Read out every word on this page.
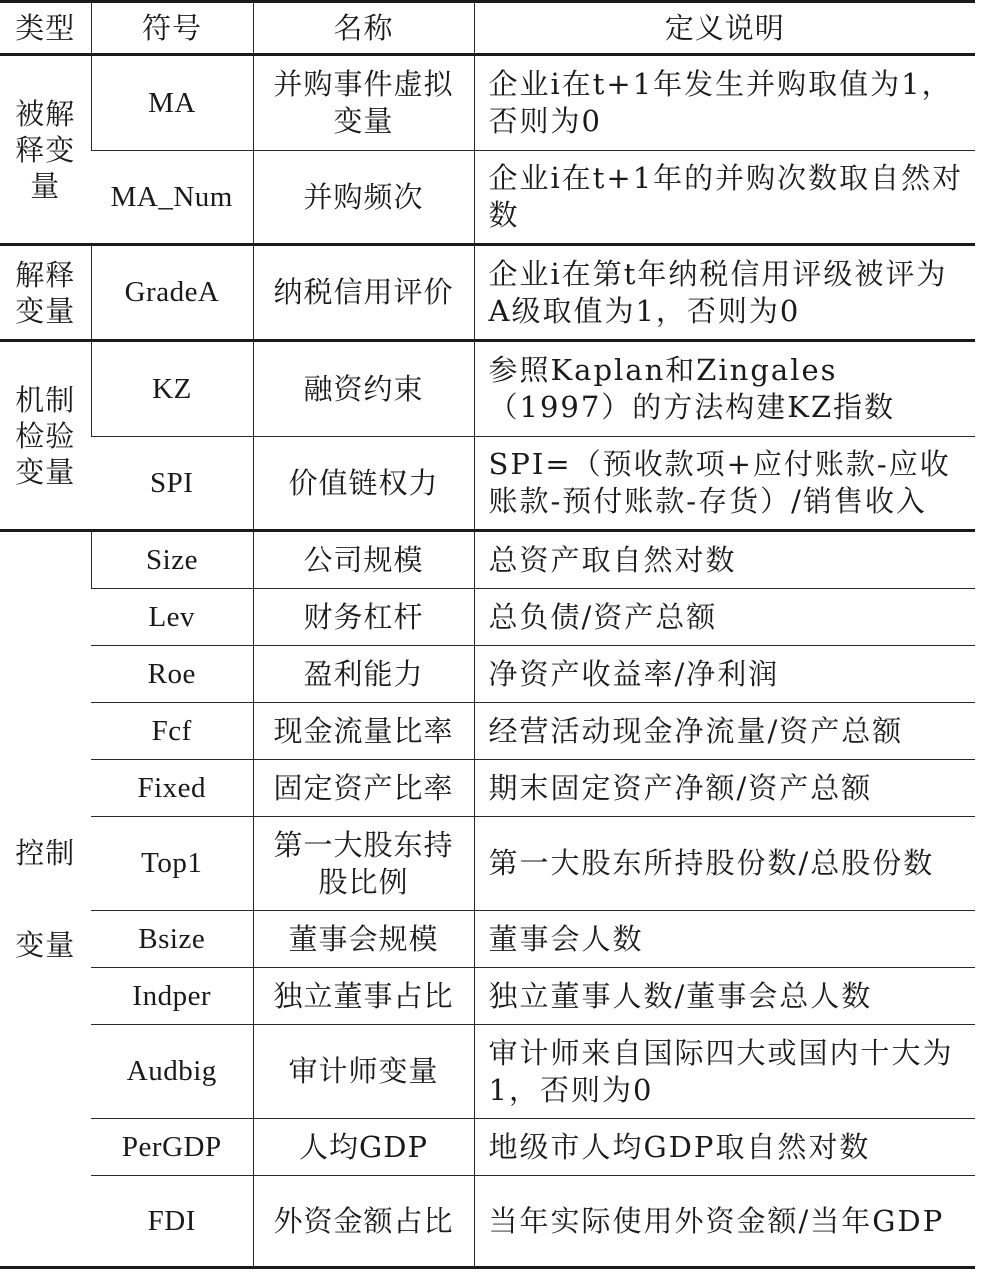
类型	符号	名称	定义说明
被解释变量	MA	并购事件虚拟变量	企业i在t+1年发生并购取值为1，否则为0
	MA_Num	并购频次	企业i在t+1年的并购次数取自然对数
解释变量	GradeA	纳税信用评价	企业i在第t年纳税信用评级被评为A级取值为1，否则为0
机制检验变量	KZ	融资约束	参照Kaplan和Zingales（1997）的方法构建KZ指数
	SPI	价值链权力	SPI=（预收款项+应付账款-应收账款-预付账款-存货）/销售收入
控制变量	Size	公司规模	总资产取自然对数
	Lev	财务杠杆	总负债/资产总额
	Roe	盈利能力	净资产收益率/净利润
	Fcf	现金流量比率	经营活动现金净流量/资产总额
	Fixed	固定资产比率	期末固定资产净额/资产总额
	Top1	第一大股东持股比例	第一大股东所持股份数/总股份数
	Bsize	董事会规模	董事会人数
	Indper	独立董事占比	独立董事人数/董事会总人数
	Audbig	审计师变量	审计师来自国际四大或国内十大为1，否则为0
	PerGDP	人均GDP	地级市人均GDP取自然对数
	FDI	外资金额占比	当年实际使用外资金额/当年GDP
